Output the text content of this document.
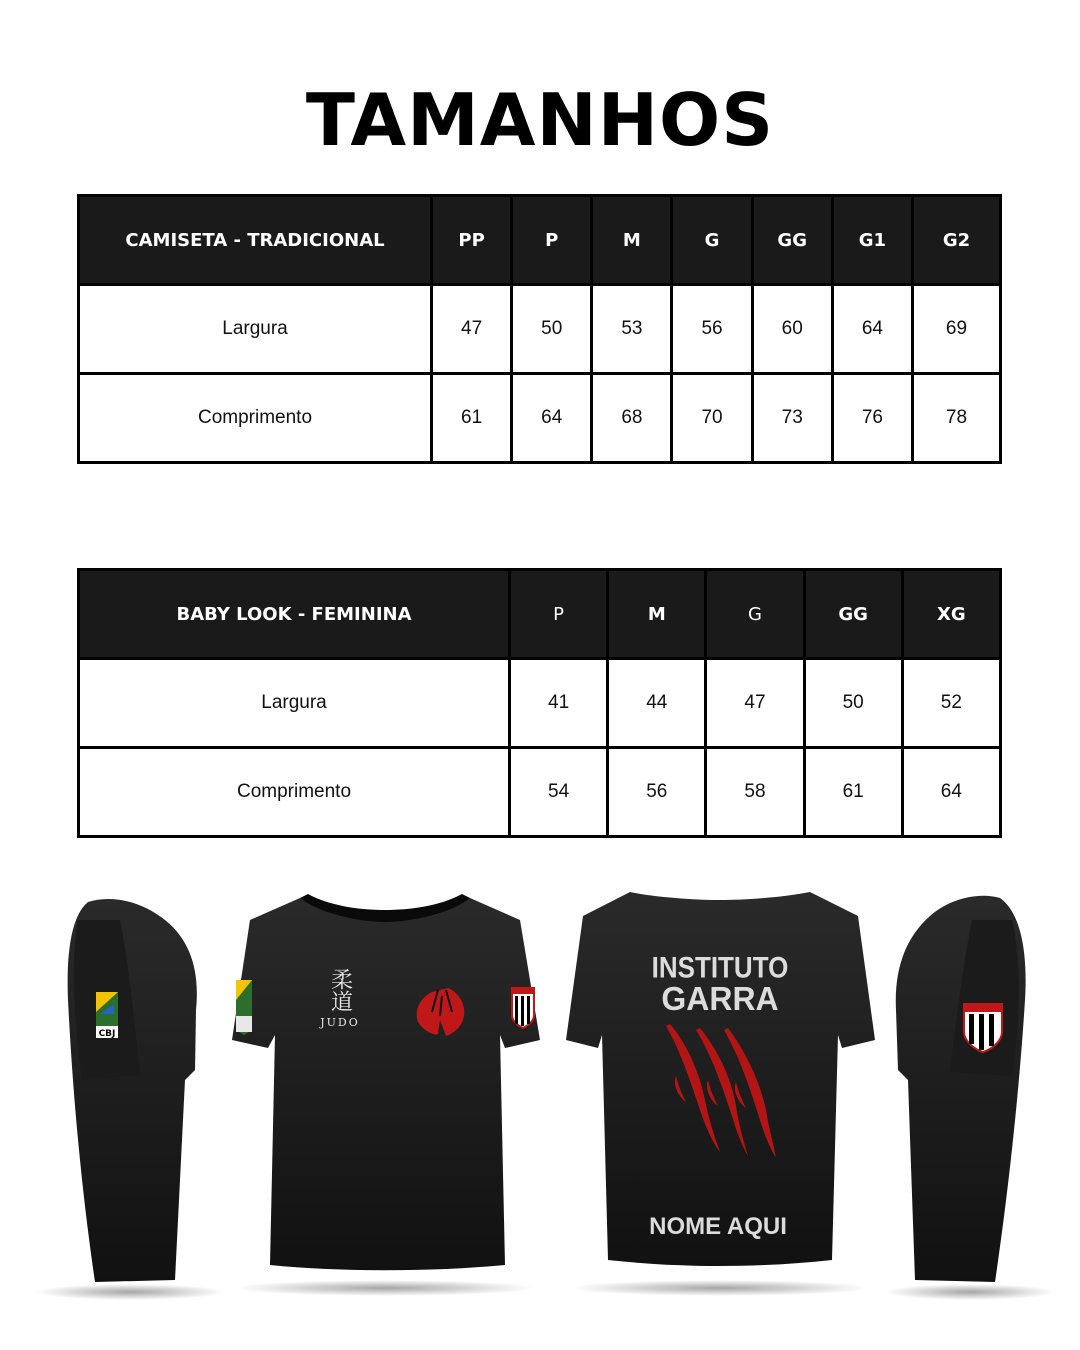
TAMANHOS
CAMISETA - TRADICIONAL	PP	P	M	G	GG	G1	G2
Largura	47	50	53	56	60	64	69
Comprimento	61	64	68	70	73	76	78
BABY LOOK - FEMININA	P	M	G	GG	XG
Largura	41	44	47	50	52
Comprimento	54	56	58	61	64
CBJ
柔道
JUDO
INSTITUTO
GARRA
NOME AQUI
